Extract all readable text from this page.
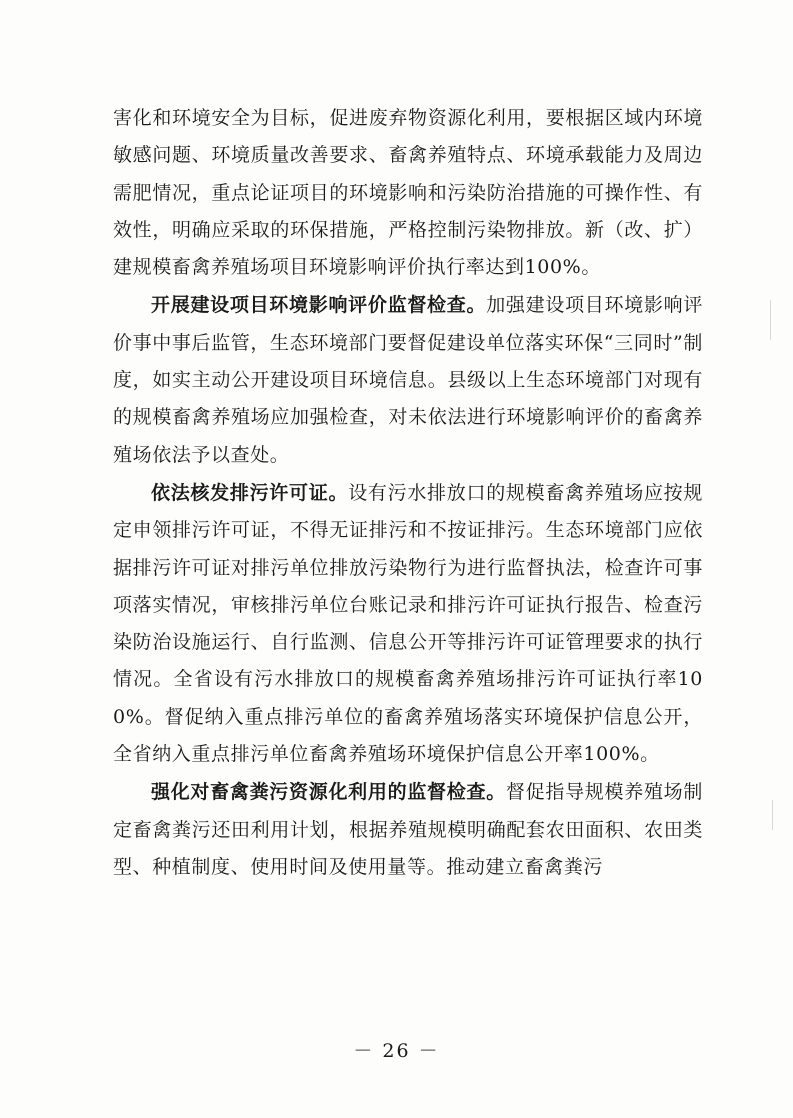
害化和环境安全为目标，促进废弃物资源化利用，要根据区域内环境敏感问题、环境质量改善要求、畜禽养殖特点、环境承载能力及周边需肥情况，重点论证项目的环境影响和污染防治措施的可操作性、有效性，明确应采取的环保措施，严格控制污染物排放。新（改、扩）建规模畜禽养殖场项目环境影响评价执行率达到100%。

开展建设项目环境影响评价监督检查。加强建设项目环境影响评价事中事后监管，生态环境部门要督促建设单位落实环保“三同时”制度，如实主动公开建设项目环境信息。县级以上生态环境部门对现有的规模畜禽养殖场应加强检查，对未依法进行环境影响评价的畜禽养殖场依法予以查处。

依法核发排污许可证。设有污水排放口的规模畜禽养殖场应按规定申领排污许可证，不得无证排污和不按证排污。生态环境部门应依据排污许可证对排污单位排放污染物行为进行监督执法，检查许可事项落实情况，审核排污单位台账记录和排污许可证执行报告、检查污染防治设施运行、自行监测、信息公开等排污许可证管理要求的执行情况。全省设有污水排放口的规模畜禽养殖场排污许可证执行率100%。督促纳入重点排污单位的畜禽养殖场落实环境保护信息公开，全省纳入重点排污单位畜禽养殖场环境保护信息公开率100%。

强化对畜禽粪污资源化利用的监督检查。督促指导规模养殖场制定畜禽粪污还田利用计划，根据养殖规模明确配套农田面积、农田类型、种植制度、使用时间及使用量等。推动建立畜禽粪污

－ 26 －
